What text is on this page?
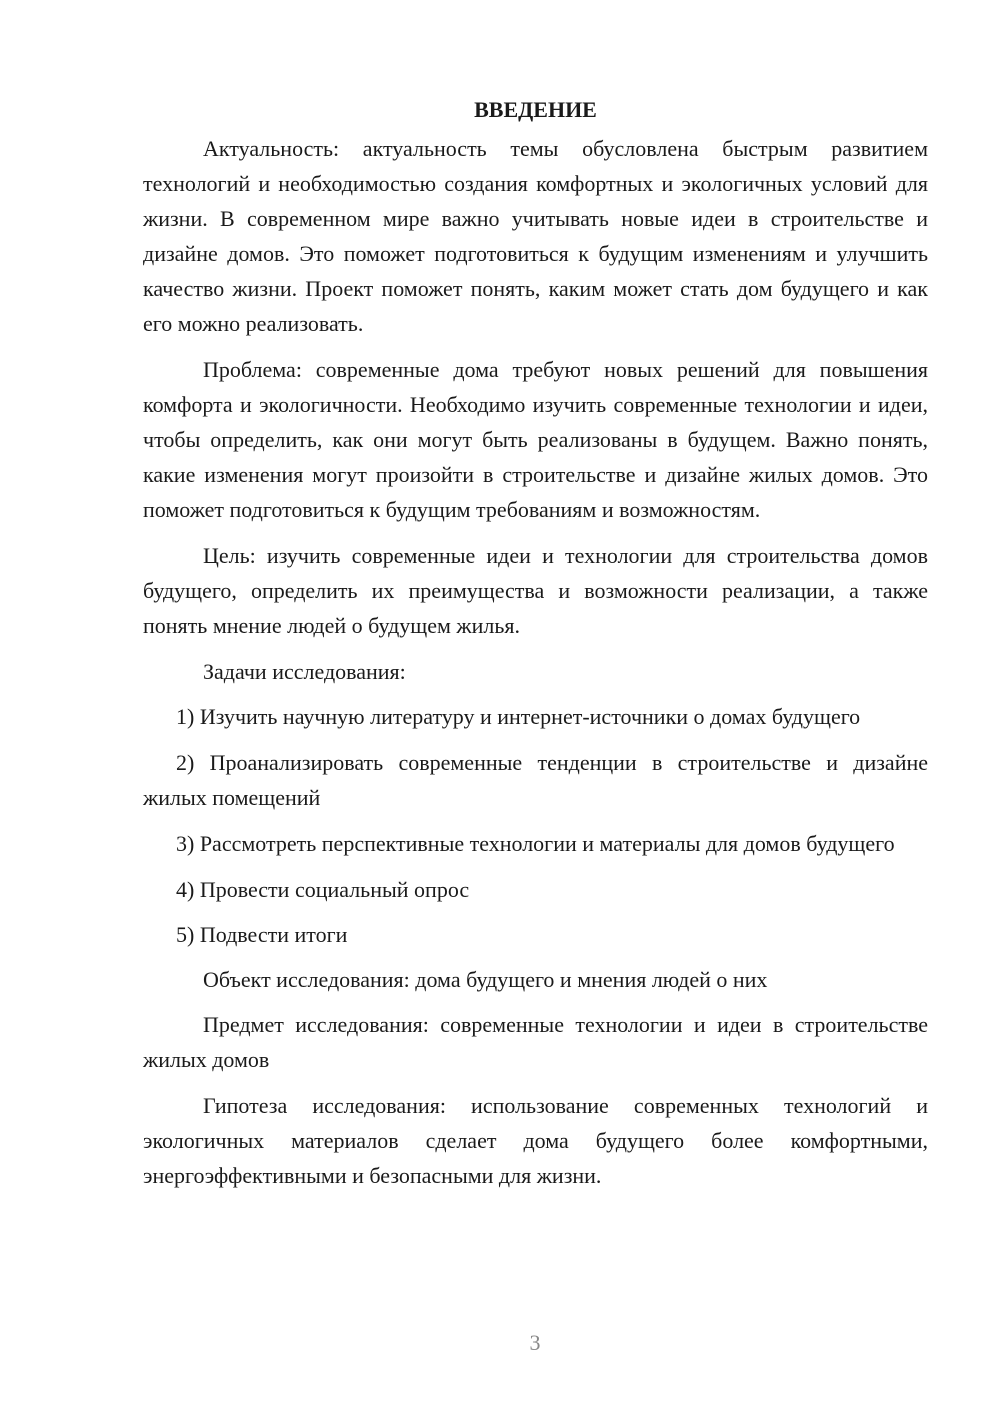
ВВЕДЕНИЕ

Актуальность: актуальность темы обусловлена быстрым развитием технологий и необходимостью создания комфортных и экологичных условий для жизни. В современном мире важно учитывать новые идеи в строительстве и дизайне домов. Это поможет подготовиться к будущим изменениям и улучшить качество жизни. Проект поможет понять, каким может стать дом будущего и как его можно реализовать.

Проблема: современные дома требуют новых решений для повышения комфорта и экологичности. Необходимо изучить современные технологии и идеи, чтобы определить, как они могут быть реализованы в будущем. Важно понять, какие изменения могут произойти в строительстве и дизайне жилых домов. Это поможет подготовиться к будущим требованиям и возможностям.

Цель: изучить современные идеи и технологии для строительства домов будущего, определить их преимущества и возможности реализации, а также понять мнение людей о будущем жилья.

Задачи исследования:

1) Изучить научную литературу и интернет-источники о домах будущего

2) Проанализировать современные тенденции в строительстве и дизайне жилых помещений

3) Рассмотреть перспективные технологии и материалы для домов будущего

4) Провести социальный опрос

5) Подвести итоги

Объект исследования: дома будущего и мнения людей о них

Предмет исследования: современные технологии и идеи в строительстве жилых домов

Гипотеза исследования: использование современных технологий и экологичных материалов сделает дома будущего более комфортными, энергоэффективными и безопасными для жизни.

3
